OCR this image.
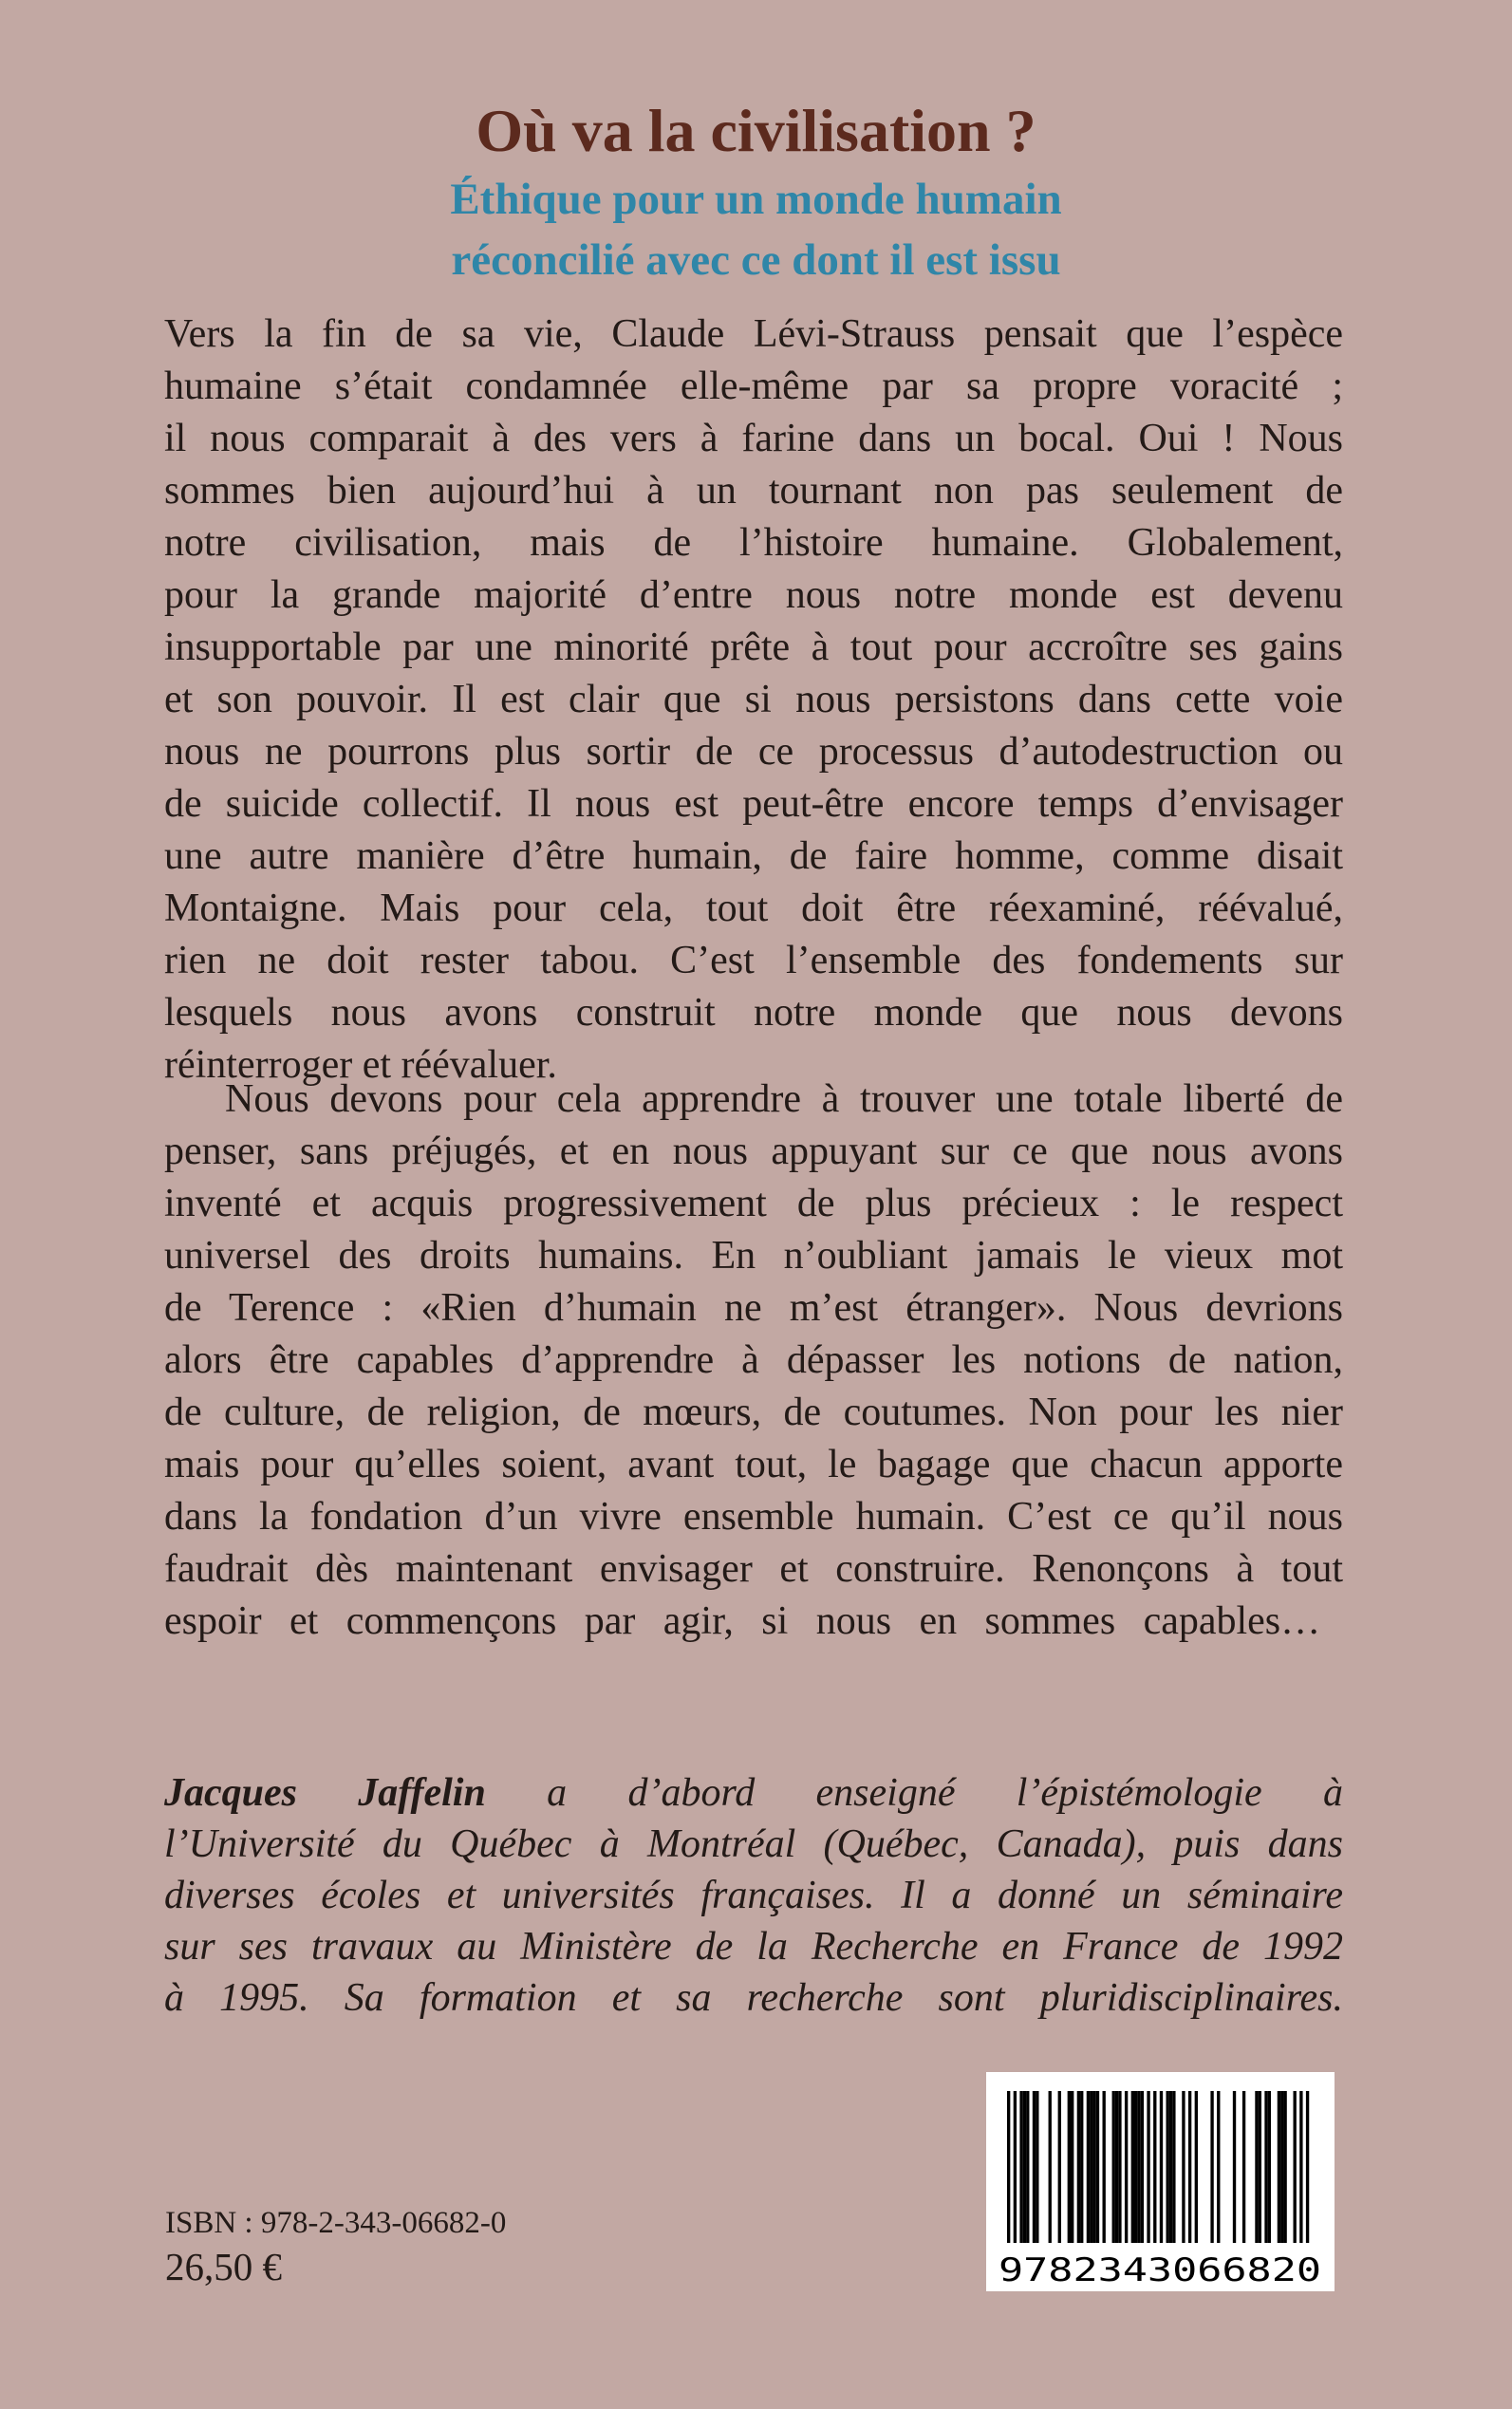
Où va la civilisation ?
Éthique pour un monde humain
réconcilié avec ce dont il est issu
Vers la fin de sa vie, Claude Lévi-Strauss pensait que l’espèce
humaine s’était condamnée elle-même par sa propre voracité ;
il nous comparait à des vers à farine dans un bocal. Oui ! Nous
sommes bien aujourd’hui à un tournant non pas seulement de
notre civilisation, mais de l’histoire humaine. Globalement,
pour la grande majorité d’entre nous notre monde est devenu
insupportable par une minorité prête à tout pour accroître ses gains
et son pouvoir. Il est clair que si nous persistons dans cette voie
nous ne pourrons plus sortir de ce processus d’autodestruction ou
de suicide collectif. Il nous est peut-être encore temps d’envisager
une autre manière d’être humain, de faire homme, comme disait
Montaigne. Mais pour cela, tout doit être réexaminé, réévalué,
rien ne doit rester tabou. C’est l’ensemble des fondements sur
lesquels nous avons construit notre monde que nous devons
réinterroger et réévaluer.
Nous devons pour cela apprendre à trouver une totale liberté de
penser, sans préjugés, et en nous appuyant sur ce que nous avons
inventé et acquis progressivement de plus précieux : le respect
universel des droits humains. En n’oubliant jamais le vieux mot
de Terence : «Rien d’humain ne m’est étranger». Nous devrions
alors être capables d’apprendre à dépasser les notions de nation,
de culture, de religion, de mœurs, de coutumes. Non pour les nier
mais pour qu’elles soient, avant tout, le bagage que chacun apporte
dans la fondation d’un vivre ensemble humain. C’est ce qu’il nous
faudrait dès maintenant envisager et construire. Renonçons à tout
espoir et commençons par agir, si nous en sommes capables…
Jacques Jaffelin a d’abord enseigné l’épistémologie à
l’Université du Québec à Montréal (Québec, Canada), puis dans
diverses écoles et universités françaises. Il a donné un séminaire
sur ses travaux au Ministère de la Recherche en France de 1992
à 1995. Sa formation et sa recherche sont pluridisciplinaires.
ISBN : 978-2-343-06682-0
26,50 €	9782343066820
